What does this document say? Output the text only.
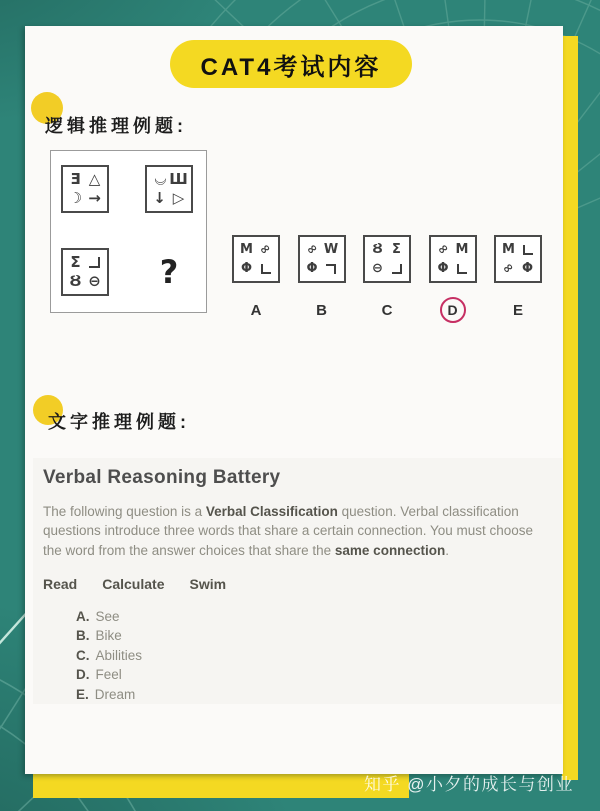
CAT4考试内容
逻辑推理例题:
Ǝ △
☽ →
☽ Ш
↓ ▷
Σ
Ȣ ⊖	?
M ∞
Φ
A
∞ W
Φ
B
Ȣ Σ
⊖
C
∞ M
Φ
D
M
∞ Φ
E
文字推理例题:
Verbal Reasoning Battery
The following question is a Verbal Classification question. Verbal classification questions introduce three words that share a certain connection. You must choose the word from the answer choices that share the same connection.
Read Calculate Swim
A. See
B. Bike
C. Abilities
D. Feel
E. Dream
知乎 @小夕的成长与创业
